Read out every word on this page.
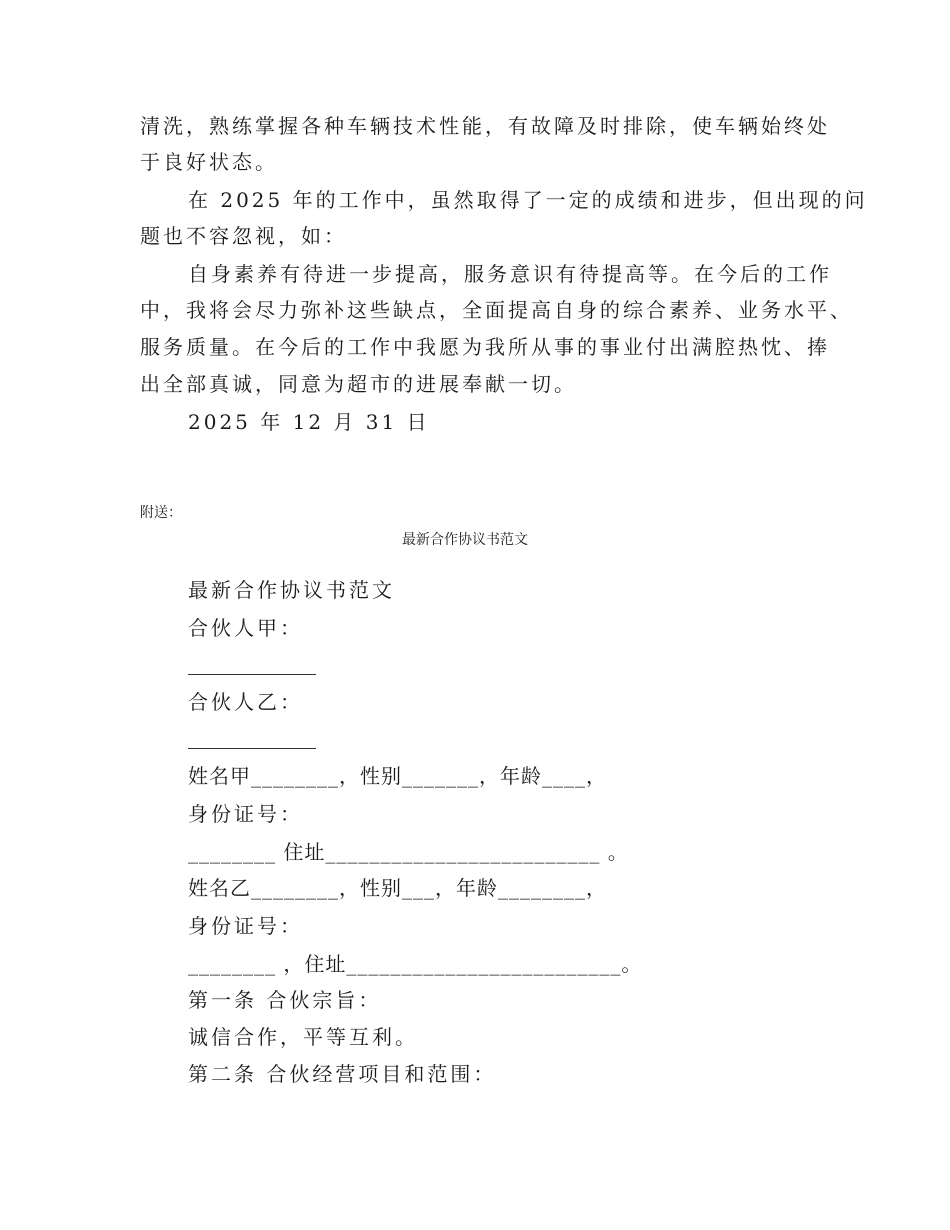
清洗，熟练掌握各种车辆技术性能，有故障及时排除，使车辆始终处
于良好状态。
在 2025 年的工作中，虽然取得了一定的成绩和进步，但出现的问
题也不容忽视，如：
自身素养有待进一步提高，服务意识有待提高等。在今后的工作
中，我将会尽力弥补这些缺点，全面提高自身的综合素养、业务水平、
服务质量。在今后的工作中我愿为我所从事的事业付出满腔热忱、捧
出全部真诚，同意为超市的进展奉献一切。
2025 年 12 月 31 日
附送：
最新合作协议书范文
最新合作协议书范文
合伙人甲：
合伙人乙：
姓名甲________，性别_______，年龄____，
身份证号：
________ 住址_________________________ 。
姓名乙________，性别___，年龄________，
身份证号：
________ ，住址_________________________。
第一条 合伙宗旨：
诚信合作，平等互利。
第二条 合伙经营项目和范围：
